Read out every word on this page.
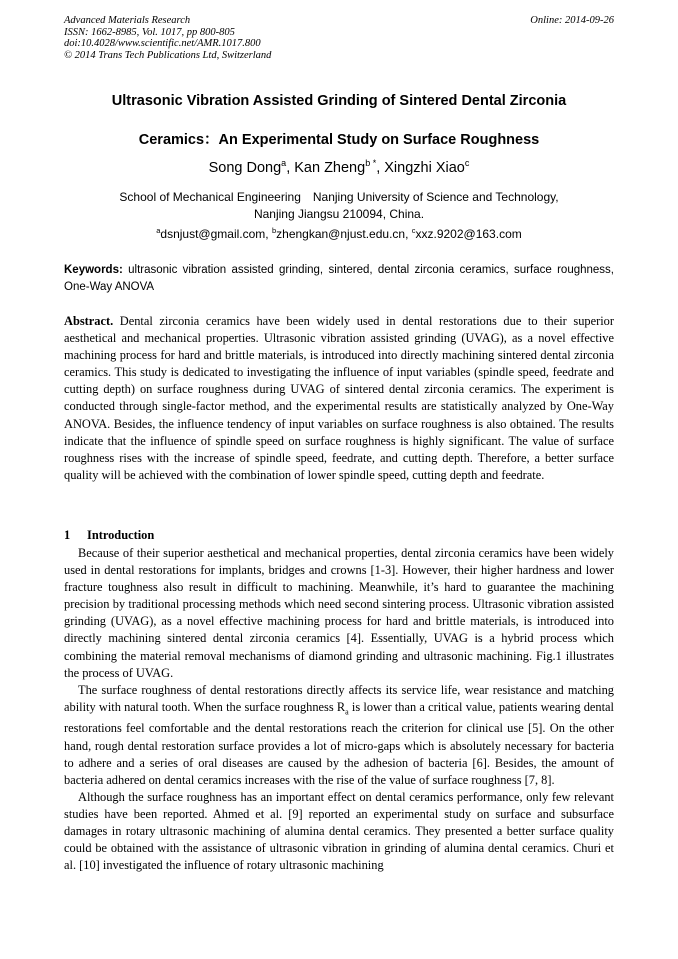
Advanced Materials Research
ISSN: 1662-8985, Vol. 1017, pp 800-805
doi:10.4028/www.scientific.net/AMR.1017.800
© 2014 Trans Tech Publications Ltd, Switzerland
Online: 2014-09-26
Ultrasonic Vibration Assisted Grinding of Sintered Dental Zirconia
Ceramics：An Experimental Study on Surface Roughness
Song Dong$^a$, Kan Zheng$^{b *}$, Xingzhi Xiao$^c$
School of Mechanical Engineering Nanjing University of Science and Technology,
Nanjing Jiangsu 210094, China.
$^a$dsnjust@gmail.com, $^b$zhengkan@njust.edu.cn, $^c$xxz.9202@163.com
Keywords: ultrasonic vibration assisted grinding, sintered, dental zirconia ceramics, surface roughness, One-Way ANOVA
Abstract. Dental zirconia ceramics have been widely used in dental restorations due to their superior aesthetical and mechanical properties. Ultrasonic vibration assisted grinding (UVAG), as a novel effective machining process for hard and brittle materials, is introduced into directly machining sintered dental zirconia ceramics. This study is dedicated to investigating the influence of input variables (spindle speed, feedrate and cutting depth) on surface roughness during UVAG of sintered dental zirconia ceramics. The experiment is conducted through single-factor method, and the experimental results are statistically analyzed by One-Way ANOVA. Besides, the influence tendency of input variables on surface roughness is also obtained. The results indicate that the influence of spindle speed on surface roughness is highly significant. The value of surface roughness rises with the increase of spindle speed, feedrate, and cutting depth. Therefore, a better surface quality will be achieved with the combination of lower spindle speed, cutting depth and feedrate.
1 Introduction

Because of their superior aesthetical and mechanical properties, dental zirconia ceramics have been widely used in dental restorations for implants, bridges and crowns [1-3]. However, their higher hardness and lower fracture toughness also result in difficult to machining. Meanwhile, it’s hard to guarantee the machining precision by traditional processing methods which need second sintering process. Ultrasonic vibration assisted grinding (UVAG), as a novel effective machining process for hard and brittle materials, is introduced into directly machining sintered dental zirconia ceramics [4]. Essentially, UVAG is a hybrid process which combining the material removal mechanisms of diamond grinding and ultrasonic machining. Fig.1 illustrates the process of UVAG.

The surface roughness of dental restorations directly affects its service life, wear resistance and matching ability with natural tooth. When the surface roughness $R_a$ is lower than a critical value, patients wearing dental restorations feel comfortable and the dental restorations reach the criterion for clinical use [5]. On the other hand, rough dental restoration surface provides a lot of micro-gaps which is absolutely necessary for bacteria to adhere and a series of oral diseases are caused by the adhesion of bacteria [6]. Besides, the amount of bacteria adhered on dental ceramics increases with the rise of the value of surface roughness [7, 8].

Although the surface roughness has an important effect on dental ceramics performance, only few relevant studies have been reported. Ahmed et al. [9] reported an experimental study on surface and subsurface damages in rotary ultrasonic machining of alumina dental ceramics. They presented a better surface quality could be obtained with the assistance of ultrasonic vibration in grinding of alumina dental ceramics. Churi et al. [10] investigated the influence of rotary ultrasonic machining
